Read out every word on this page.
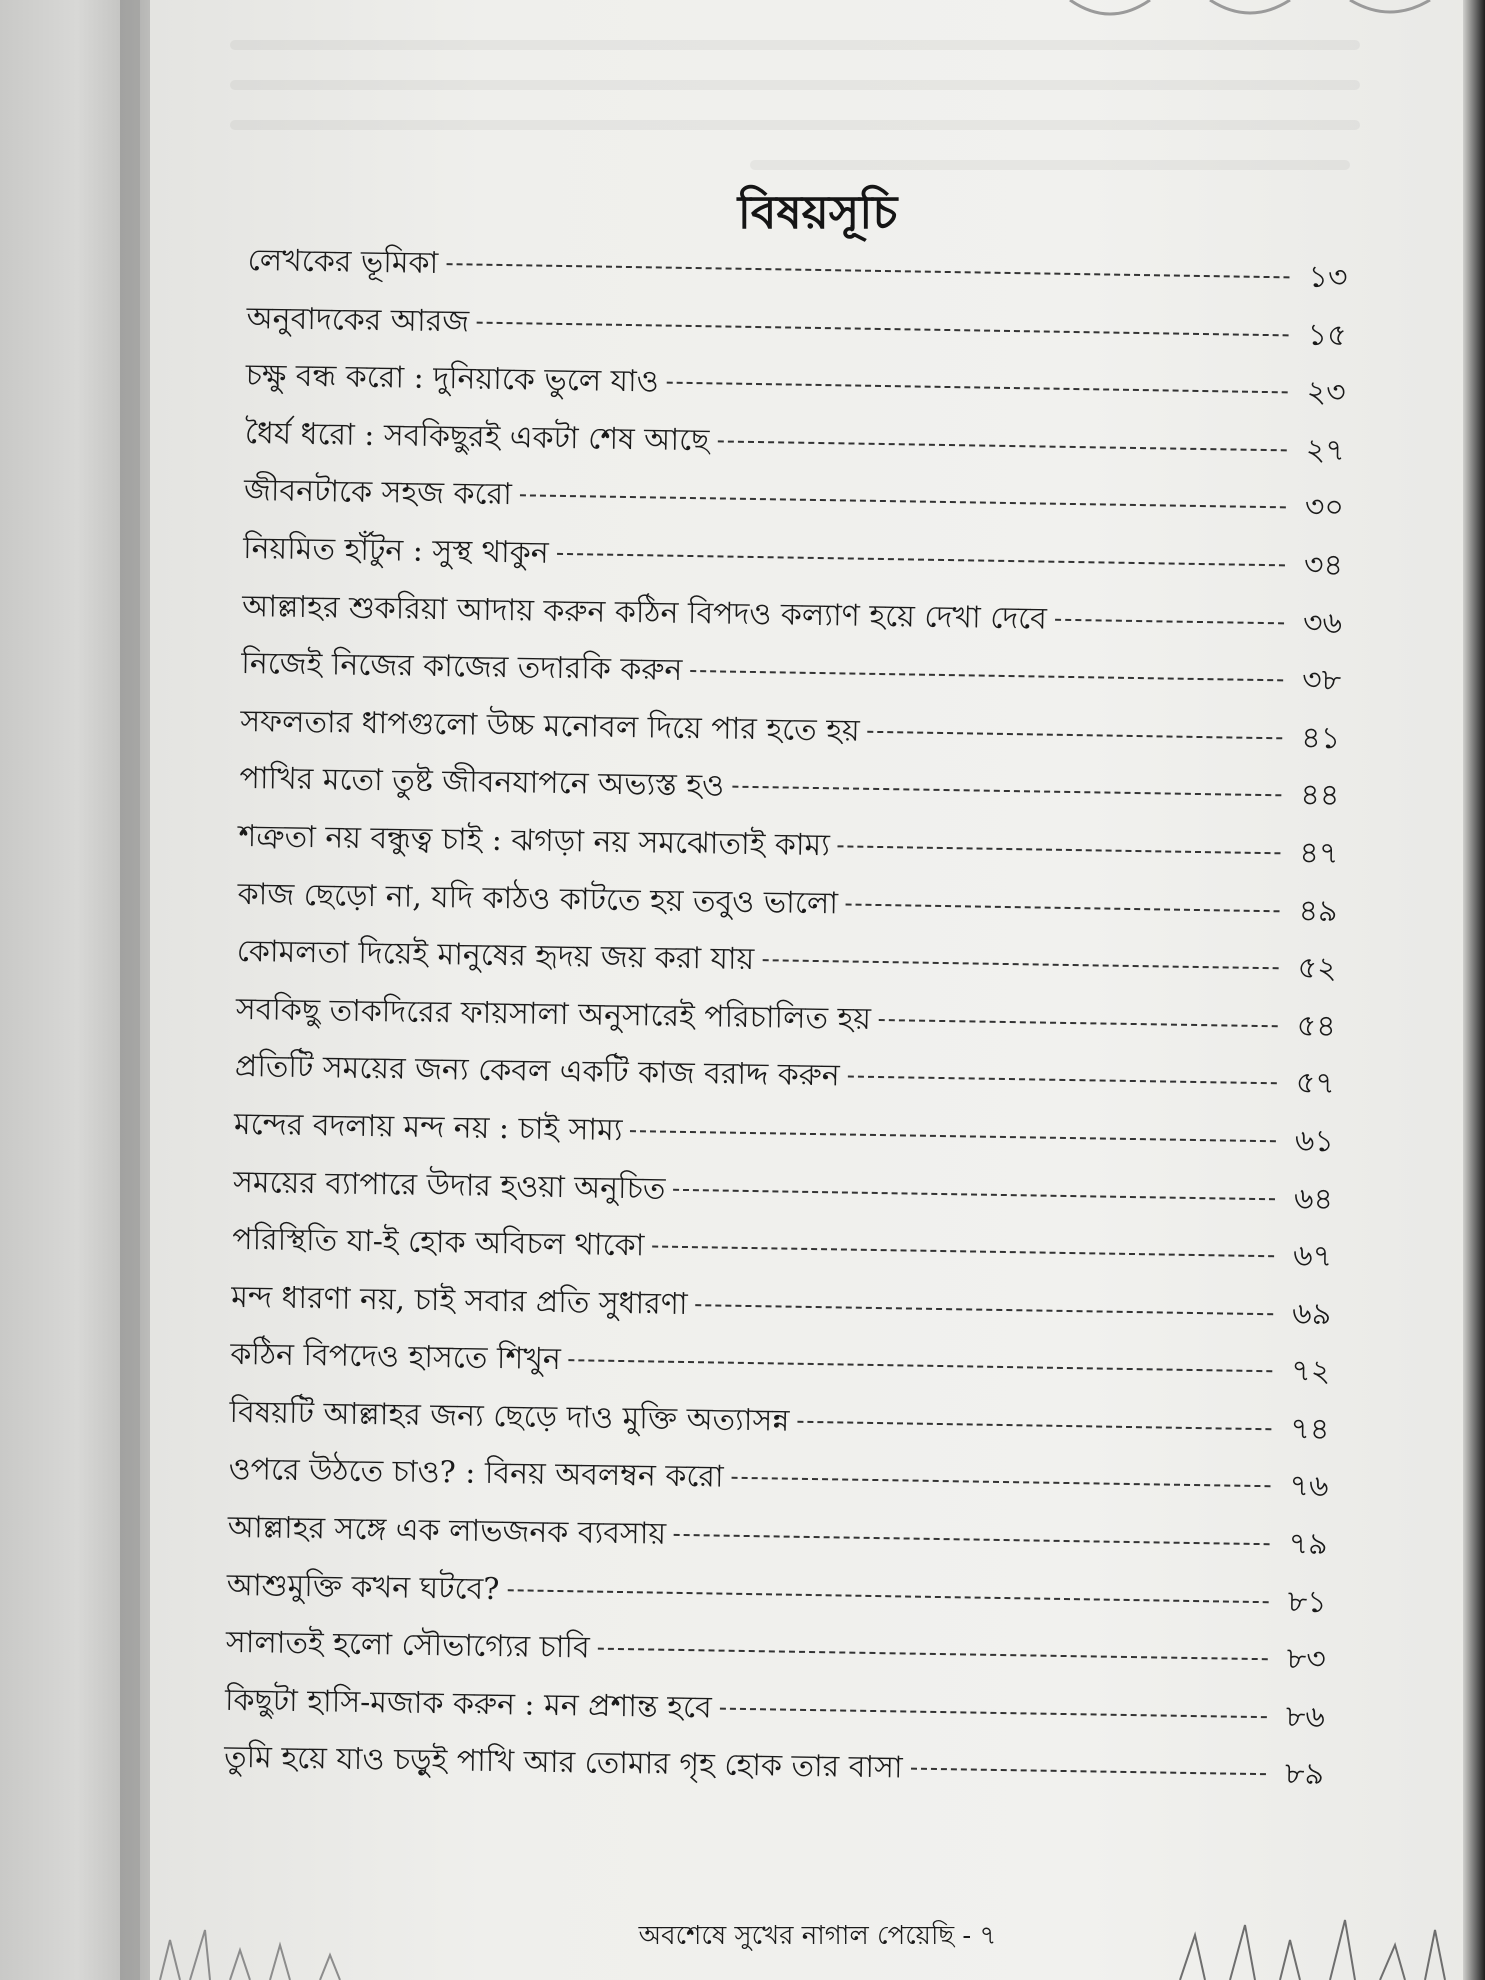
বিষয়সূচি
লেখকের ভূমিকা	১৩
অনুবাদকের আরজ	১৫
চক্ষু বন্ধ করো : দুনিয়াকে ভুলে যাও	২৩
ধৈর্য ধরো : সবকিছুরই একটা শেষ আছে	২৭
জীবনটাকে সহজ করো	৩০
নিয়মিত হাঁটুন : সুস্থ থাকুন	৩৪
আল্লাহর শুকরিয়া আদায় করুন কঠিন বিপদও কল্যাণ হয়ে দেখা দেবে	৩৬
নিজেই নিজের কাজের তদারকি করুন	৩৮
সফলতার ধাপগুলো উচ্চ মনোবল দিয়ে পার হতে হয়	৪১
পাখির মতো তুষ্ট জীবনযাপনে অভ্যস্ত হও	৪৪
শত্রুতা নয় বন্ধুত্ব চাই : ঝগড়া নয় সমঝোতাই কাম্য	৪৭
কাজ ছেড়ো না, যদি কাঠও কাটতে হয় তবুও ভালো	৪৯
কোমলতা দিয়েই মানুষের হৃদয় জয় করা যায়	৫২
সবকিছু তাকদিরের ফায়সালা অনুসারেই পরিচালিত হয়	৫৪
প্রতিটি সময়ের জন্য কেবল একটি কাজ বরাদ্দ করুন	৫৭
মন্দের বদলায় মন্দ নয় : চাই সাম্য	৬১
সময়ের ব্যাপারে উদার হওয়া অনুচিত	৬৪
পরিস্থিতি যা-ই হোক অবিচল থাকো	৬৭
মন্দ ধারণা নয়, চাই সবার প্রতি সুধারণা	৬৯
কঠিন বিপদেও হাসতে শিখুন	৭২
বিষয়টি আল্লাহর জন্য ছেড়ে দাও মুক্তি অত্যাসন্ন	৭৪
ওপরে উঠতে চাও? : বিনয় অবলম্বন করো	৭৬
আল্লাহর সঙ্গে এক লাভজনক ব্যবসায়	৭৯
আশুমুক্তি কখন ঘটবে?	৮১
সালাতই হলো সৌভাগ্যের চাবি	৮৩
কিছুটা হাসি-মজাক করুন : মন প্রশান্ত হবে	৮৬
তুমি হয়ে যাও চড়ুই পাখি আর তোমার গৃহ হোক তার বাসা	৮৯

অবশেষে সুখের নাগাল পেয়েছি - ৭
